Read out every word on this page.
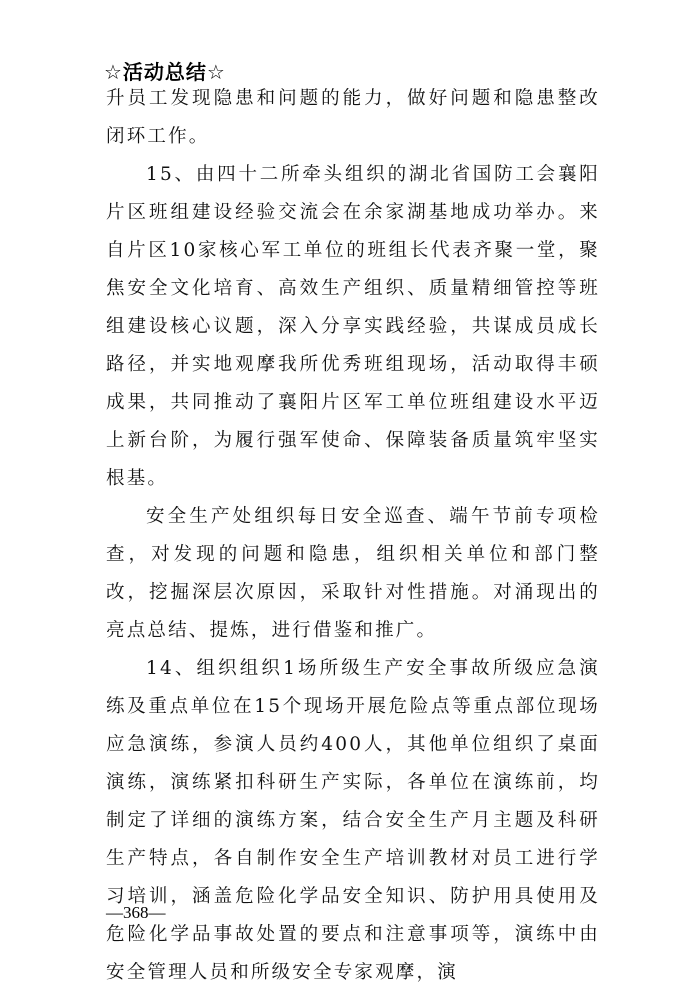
☆活动总结☆

升员工发现隐患和问题的能力，做好问题和隐患整改闭环工作。

15、由四十二所牵头组织的湖北省国防工会襄阳片区班组建设经验交流会在余家湖基地成功举办。来自片区10家核心军工单位的班组长代表齐聚一堂，聚焦安全文化培育、高效生产组织、质量精细管控等班组建设核心议题，深入分享实践经验，共谋成员成长路径，并实地观摩我所优秀班组现场，活动取得丰硕成果，共同推动了襄阳片区军工单位班组建设水平迈上新台阶，为履行强军使命、保障装备质量筑牢坚实根基。

安全生产处组织每日安全巡查、端午节前专项检查，对发现的问题和隐患，组织相关单位和部门整改，挖掘深层次原因，采取针对性措施。对涌现出的亮点总结、提炼，进行借鉴和推广。

14、组织组织1场所级生产安全事故所级应急演练及重点单位在15个现场开展危险点等重点部位现场应急演练，参演人员约400人，其他单位组织了桌面演练，演练紧扣科研生产实际，各单位在演练前，均制定了详细的演练方案，结合安全生产月主题及科研生产特点，各自制作安全生产培训教材对员工进行学习培训，涵盖危险化学品安全知识、防护用具使用及危险化学品事故处置的要点和注意事项等，演练中由安全管理人员和所级安全专家观摩，演

—368—
